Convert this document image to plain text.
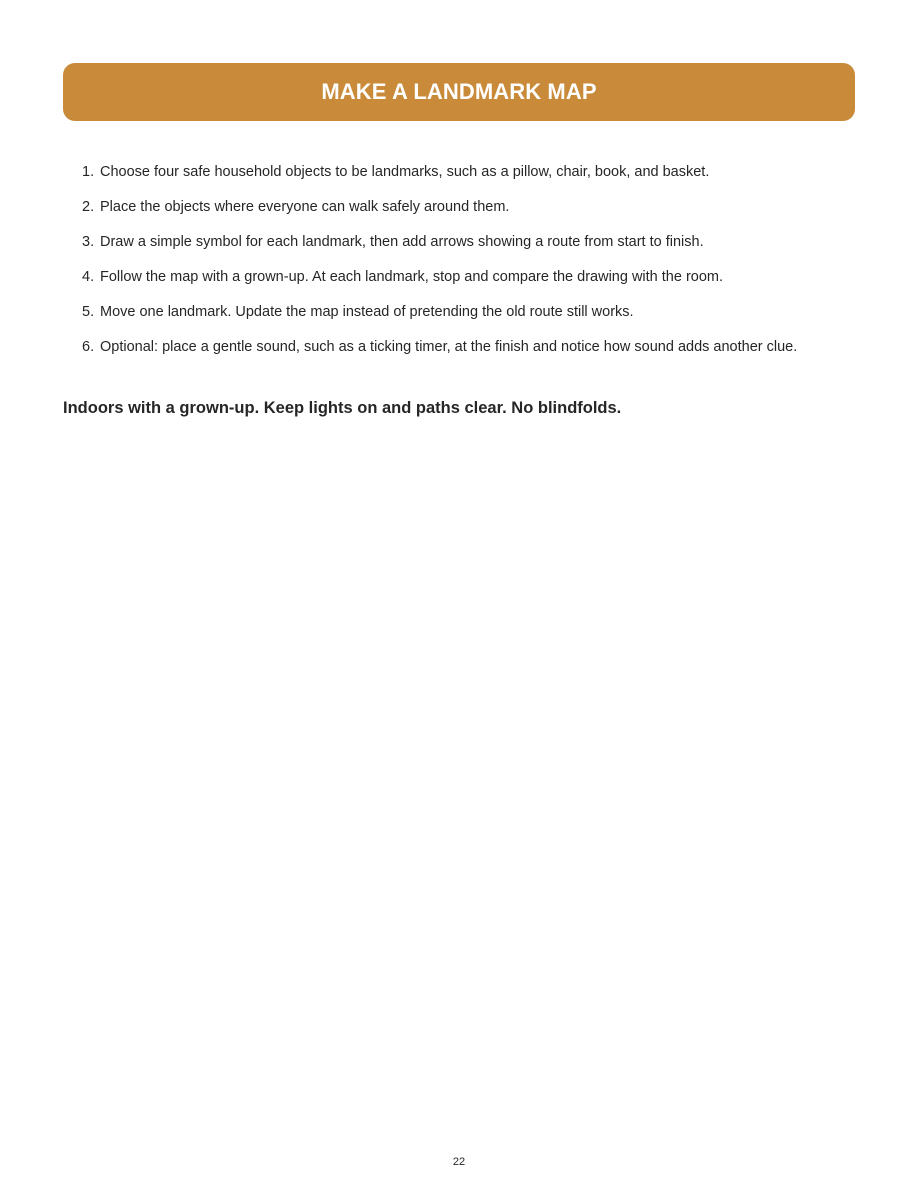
MAKE A LANDMARK MAP
1. Choose four safe household objects to be landmarks, such as a pillow, chair, book, and basket.
2. Place the objects where everyone can walk safely around them.
3. Draw a simple symbol for each landmark, then add arrows showing a route from start to finish.
4. Follow the map with a grown-up. At each landmark, stop and compare the drawing with the room.
5. Move one landmark. Update the map instead of pretending the old route still works.
6. Optional: place a gentle sound, such as a ticking timer, at the finish and notice how sound adds another clue.
Indoors with a grown-up. Keep lights on and paths clear. No blindfolds.
22
